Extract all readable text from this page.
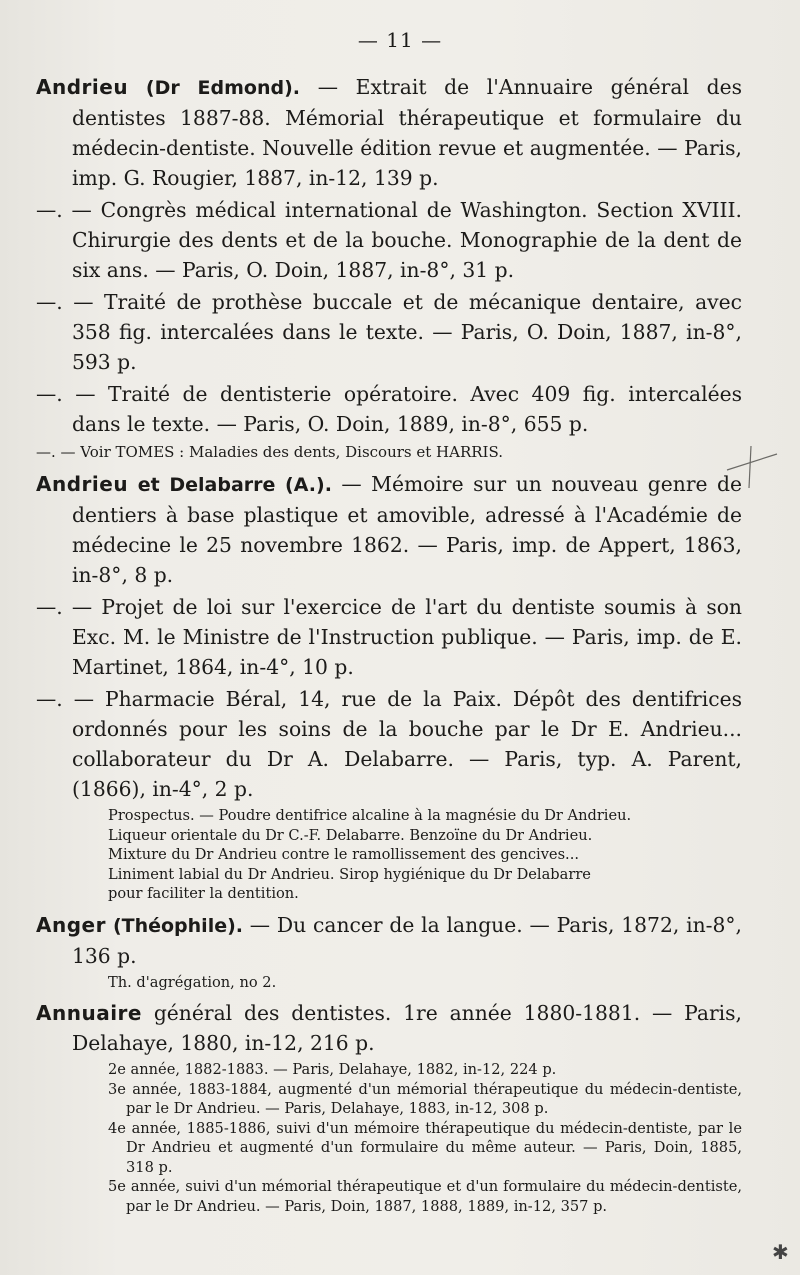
— 11 —
Andrieu (Dr Edmond). — Extrait de l'Annuaire général des dentistes 1887-88. Mémorial thérapeutique et formulaire du médecin-dentiste. Nouvelle édition revue et augmentée. — Paris, imp. G. Rougier, 1887, in-12, 139 p.
—. — Congrès médical international de Washington. Section XVIII. Chirurgie des dents et de la bouche. Monographie de la dent de six ans. — Paris, O. Doin, 1887, in-8°, 31 p.
—. — Traité de prothèse buccale et de mécanique dentaire, avec 358 fig. intercalées dans le texte. — Paris, O. Doin, 1887, in-8°, 593 p.
—. — Traité de dentisterie opératoire. Avec 409 fig. intercalées dans le texte. — Paris, O. Doin, 1889, in-8°, 655 p.
—. — Voir TOMES : Maladies des dents, Discours et HARRIS.
Andrieu et Delabarre (A.). — Mémoire sur un nouveau genre de dentiers à base plastique et amovible, adressé à l'Académie de médecine le 25 novembre 1862. — Paris, imp. de Appert, 1863, in-8°, 8 p.
—. — Projet de loi sur l'exercice de l'art du dentiste soumis à son Exc. M. le Ministre de l'Instruction publique. — Paris, imp. de E. Martinet, 1864, in-4°, 10 p.
—. — Pharmacie Béral, 14, rue de la Paix. Dépôt des dentifrices ordonnés pour les soins de la bouche par le Dr E. Andrieu... collaborateur du Dr A. Delabarre. — Paris, typ. A. Parent, (1866), in-4°, 2 p.
Prospectus. — Poudre dentifrice alcaline à la magnésie du Dr Andrieu.
Liqueur orientale du Dr C.-F. Delabarre. Benzoïne du Dr Andrieu.
Mixture du Dr Andrieu contre le ramollissement des gencives...
Liniment labial du Dr Andrieu. Sirop hygiénique du Dr Delabarre
pour faciliter la dentition.
Anger (Théophile). — Du cancer de la langue. — Paris, 1872, in-8°, 136 p.
Th. d'agrégation, no 2.
Annuaire général des dentistes. 1re année 1880-1881. — Paris, Delahaye, 1880, in-12, 216 p.
2e année, 1882-1883. — Paris, Delahaye, 1882, in-12, 224 p.
3e année, 1883-1884, augmenté d'un mémorial thérapeutique du médecin-dentiste, par le Dr Andrieu. — Paris, Delahaye, 1883, in-12, 308 p.
4e année, 1885-1886, suivi d'un mémoire thérapeutique du médecin-dentiste, par le Dr Andrieu et augmenté d'un formulaire du même auteur. — Paris, Doin, 1885, 318 p.
5e année, suivi d'un mémorial thérapeutique et d'un formulaire du médecin-dentiste, par le Dr Andrieu. — Paris, Doin, 1887, 1888, 1889, in-12, 357 p.
✱
